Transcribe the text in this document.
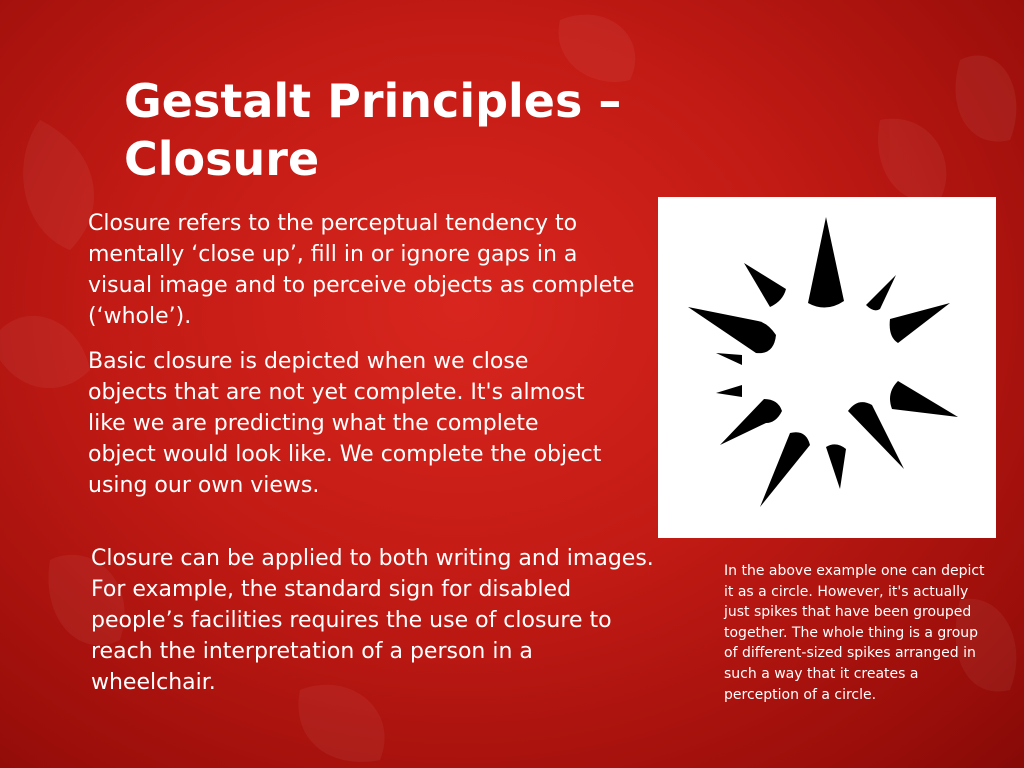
Gestalt Principles – Closure

Closure refers to the perceptual tendency to mentally ‘close up’, fill in or ignore gaps in a visual image and to perceive objects as complete (‘whole’).

Basic closure is depicted when we close objects that are not yet complete. It's almost like we are predicting what the complete object would look like. We complete the object using our own views.

Closure can be applied to both writing and images. For example, the standard sign for disabled people’s facilities requires the use of closure to reach the interpretation of a person in a wheelchair.

In the above example one can depict it as a circle. However, it's actually just spikes that have been grouped together. The whole thing is a group of different-sized spikes arranged in such a way that it creates a perception of a circle.
